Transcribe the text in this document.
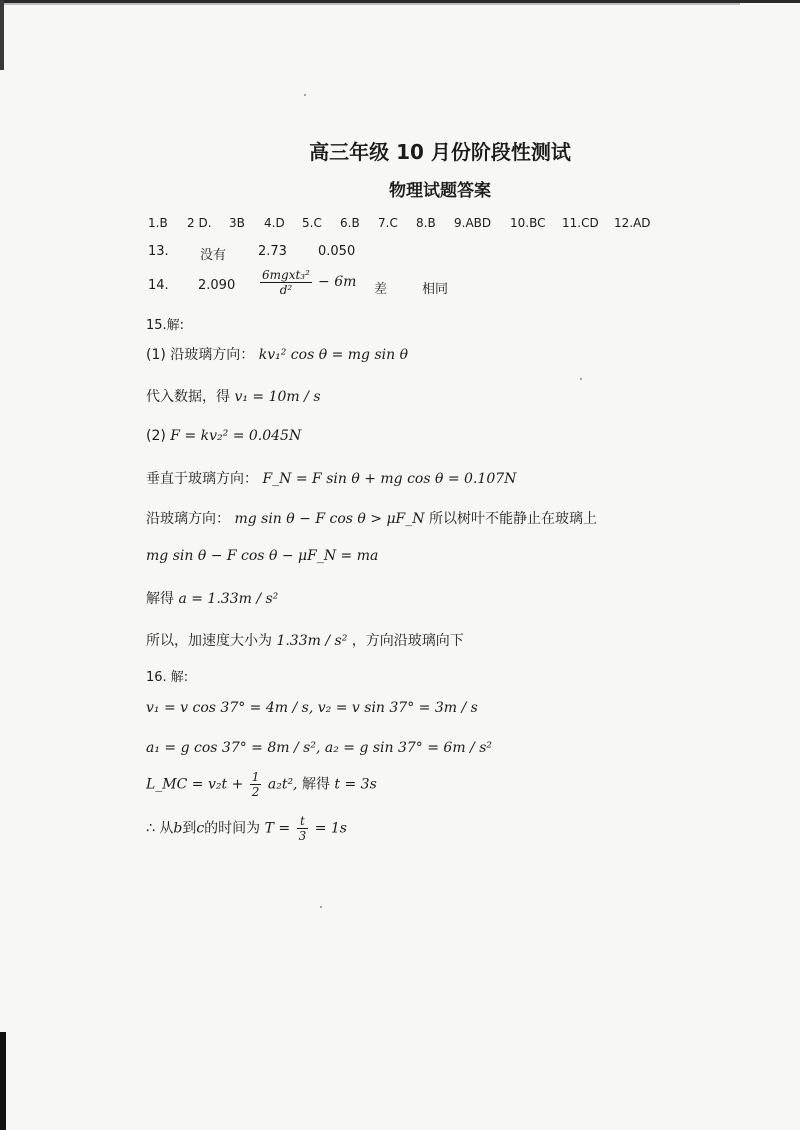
高三年级 10 月份阶段性测试
物理试题答案
1.B 2 D. 3B 4.D 5.C 6.B 7.C 8.B 9.ABD 10.BC 11.CD 12.AD
13. 没有 2.73 0.050
14. $2.090 \frac{\text{6mgxt₃²}}{\text{d²}} - 6m$ 差	相同
15.解:
(1) 沿玻璃方向： kv₁² cos θ = mg sin θ
代入数据，得 v₁ = 10m / s
(2) F = kv₂² = 0.045N
垂直于玻璃方向： F_N = F sin θ + mg cos θ = 0.107N
沿玻璃方向： mg sin θ − F cos θ > μF_N 所以树叶不能静止在玻璃上
mg sin θ − F cos θ − μF_N = ma
解得 a = 1.33m / s²
所以，加速度大小为 1.33m / s² ，方向沿玻璃向下
16. 解:
v₁ = v cos 37° = 4m / s, v₂ = v sin 37° = 3m / s
a₁ = g cos 37° = 8m / s², a₂ = g sin 37° = 6m / s²
L_MC = $v_2t + \frac{1}{2} a_2t^2$, 解得 t = 3s
∴ 从b到c的时间为 $T = \frac{t}{3} = 1s$
